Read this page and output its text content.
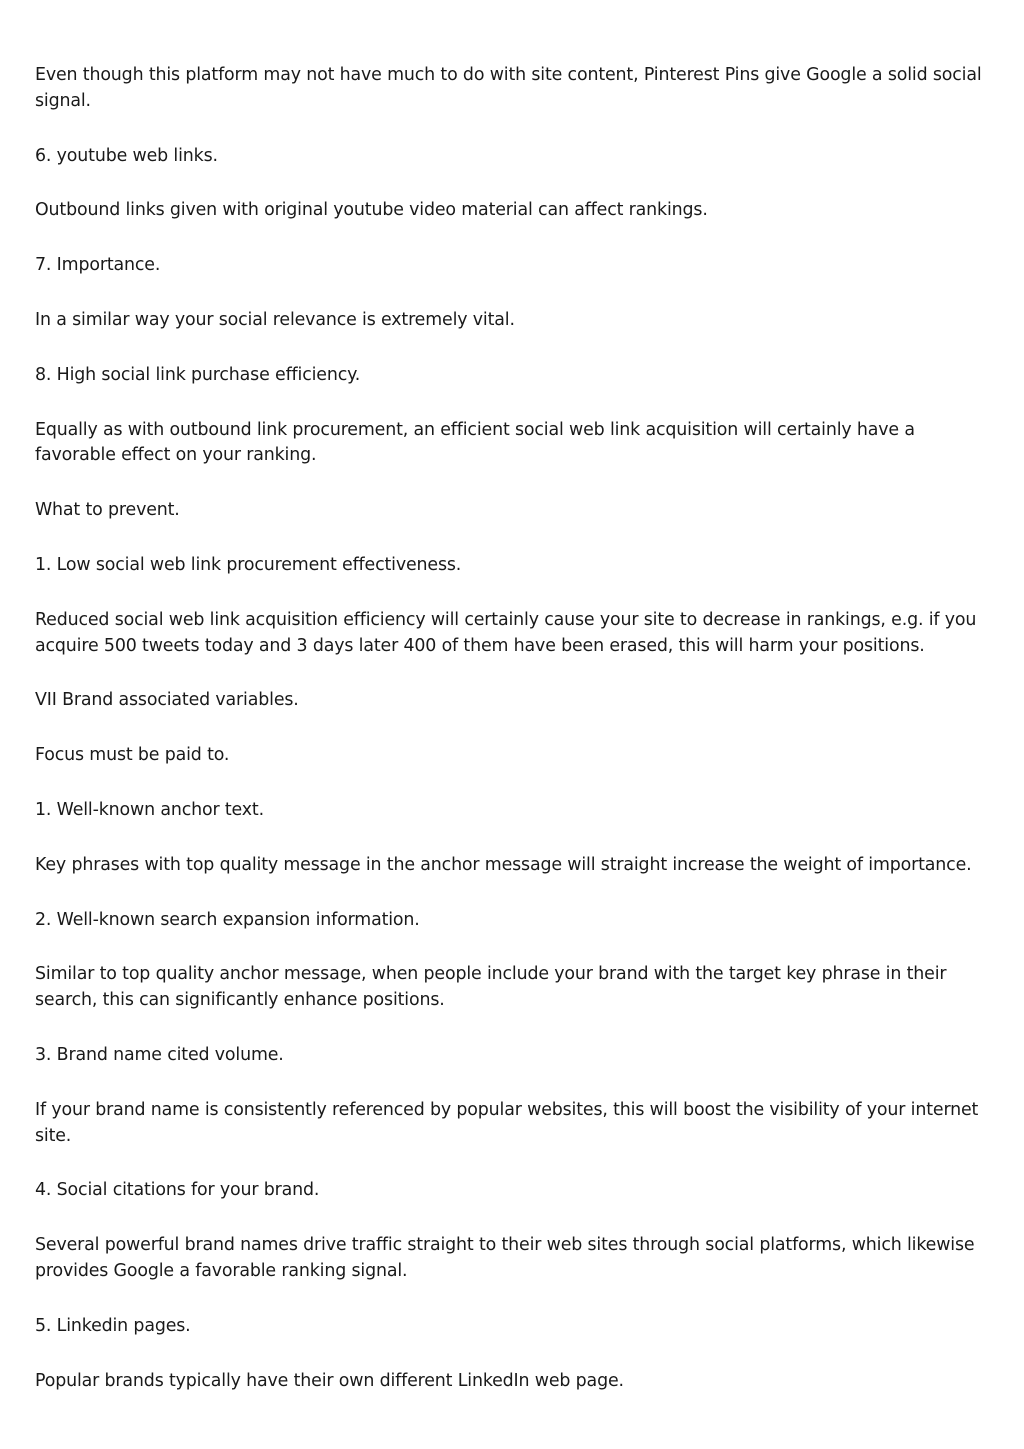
Even though this platform may not have much to do with site content, Pinterest Pins give Google a solid social signal.

6. youtube web links.

Outbound links given with original youtube video material can affect rankings.

7. Importance.

In a similar way your social relevance is extremely vital.

8. High social link purchase efficiency.

Equally as with outbound link procurement, an efficient social web link acquisition will certainly have a favorable effect on your ranking.

What to prevent.

1. Low social web link procurement effectiveness.

Reduced social web link acquisition efficiency will certainly cause your site to decrease in rankings, e.g. if you acquire 500 tweets today and 3 days later 400 of them have been erased, this will harm your positions.

VII Brand associated variables.

Focus must be paid to.

1. Well-known anchor text.

Key phrases with top quality message in the anchor message will straight increase the weight of importance.

2. Well-known search expansion information.

Similar to top quality anchor message, when people include your brand with the target key phrase in their search, this can significantly enhance positions.

3. Brand name cited volume.

If your brand name is consistently referenced by popular websites, this will boost the visibility of your internet site.

4. Social citations for your brand.

Several powerful brand names drive traffic straight to their web sites through social platforms, which likewise provides Google a favorable ranking signal.

5. Linkedin pages.

Popular brands typically have their own different LinkedIn web page.
